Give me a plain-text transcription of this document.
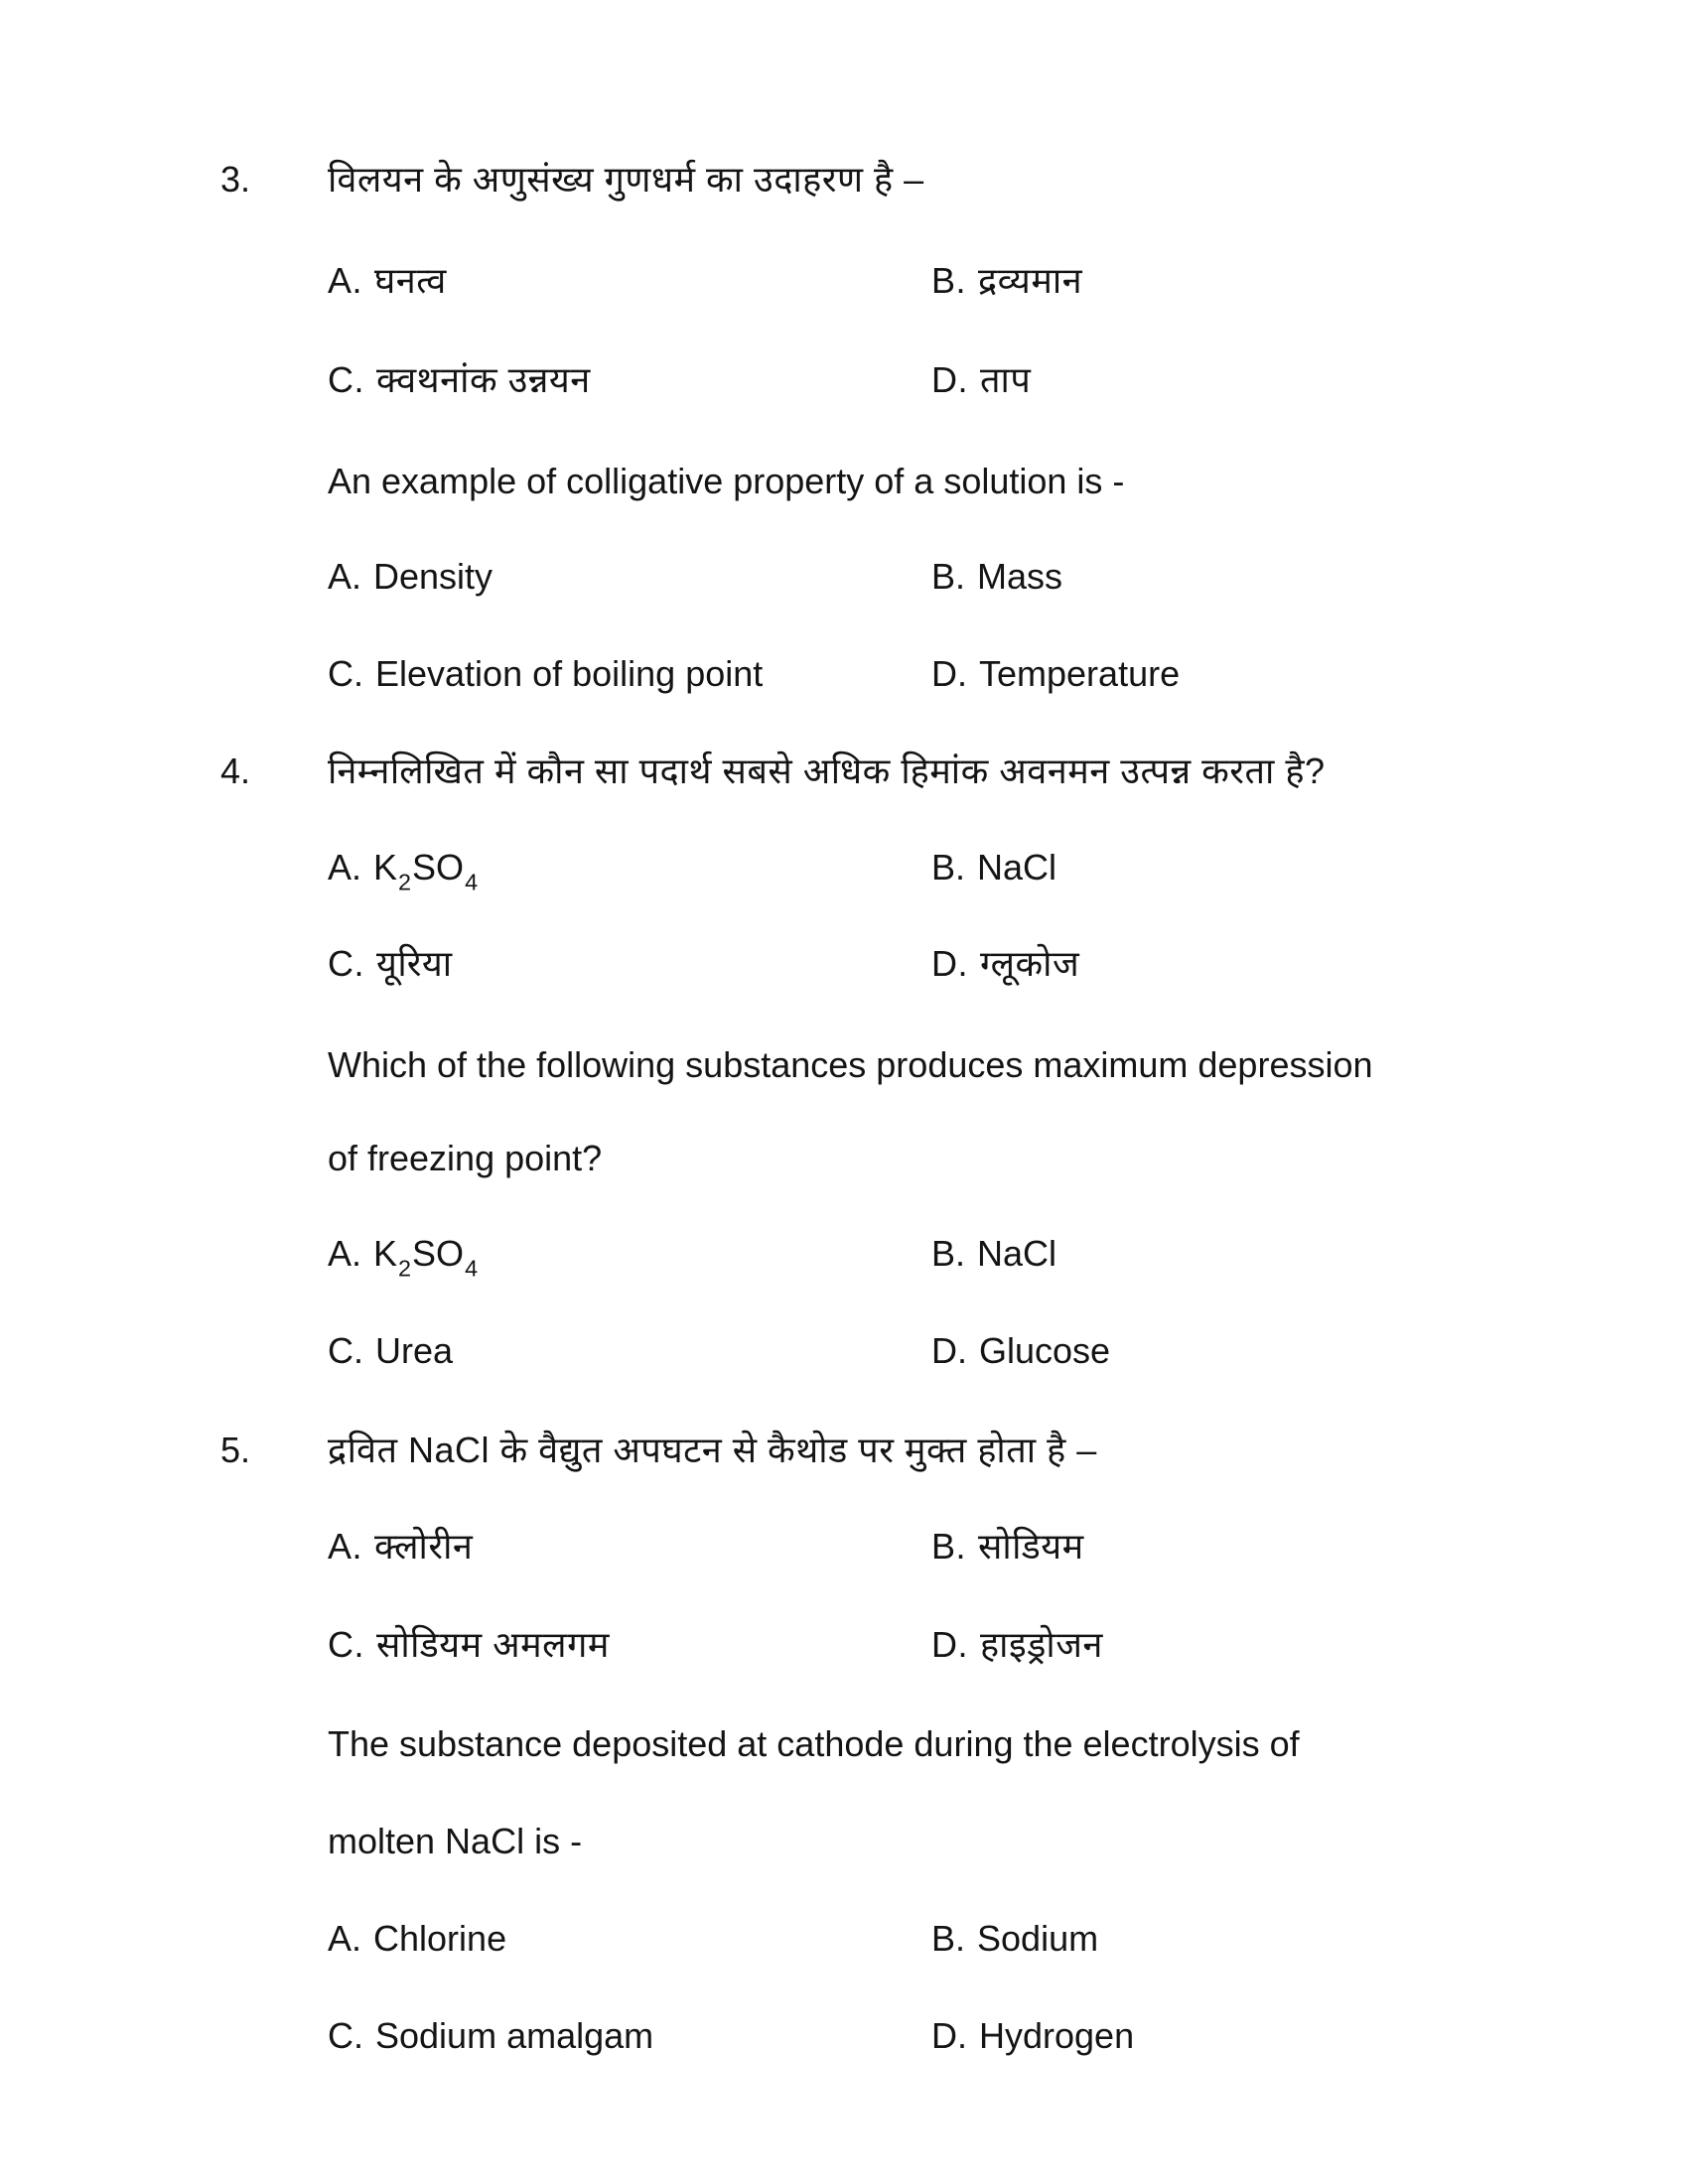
3. विलयन के अणुसंख्य गुणधर्म का उदाहरण है –
A. घनत्व	B. द्रव्यमान
C. क्वथनांक उन्नयन	D. ताप
An example of colligative property of a solution is -
A. Density	B. Mass
C. Elevation of boiling point	D. Temperature
4. निम्नलिखित में कौन सा पदार्थ सबसे अधिक हिमांक अवनमन उत्पन्न करता है?
A. K2SO4	B. NaCl
C. यूरिया	D. ग्लूकोज
Which of the following substances produces maximum depression
of freezing point?
A. K2SO4	B. NaCl
C. Urea	D. Glucose
5. द्रवित NaCl के वैद्युत अपघटन से कैथोड पर मुक्त होता है –
A. क्लोरीन	B. सोडियम
C. सोडियम अमलगम	D. हाइड्रोजन
The substance deposited at cathode during the electrolysis of
molten NaCl is -
A. Chlorine	B. Sodium
C. Sodium amalgam	D. Hydrogen
